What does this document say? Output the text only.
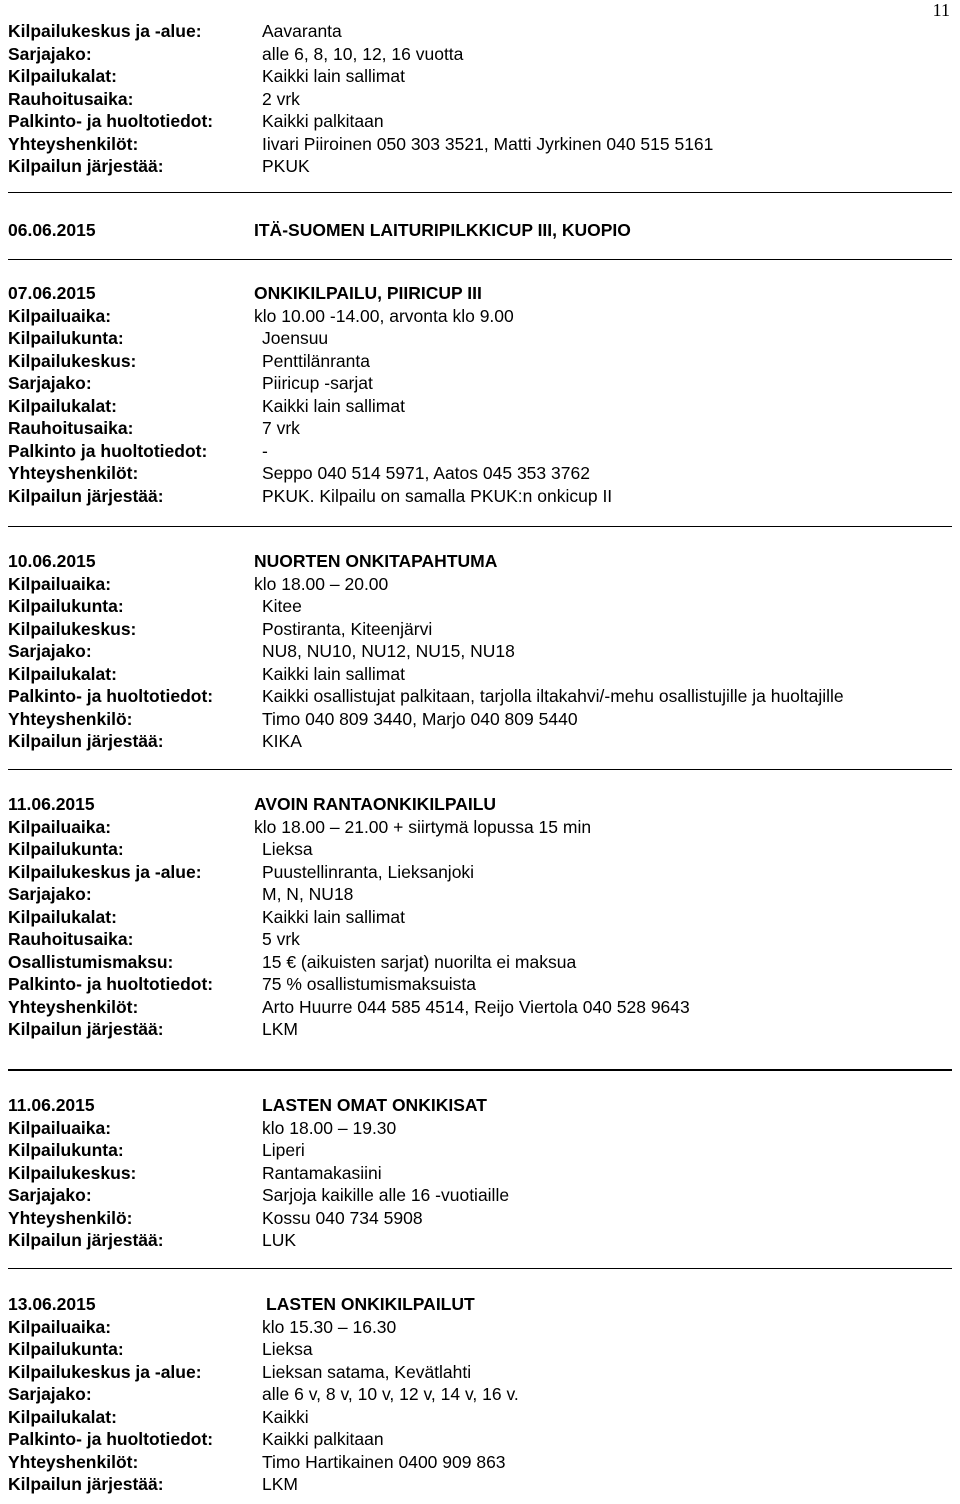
11
Kilpailukeskus ja -alue:	Aavaranta
Sarjajako:	alle 6, 8, 10, 12, 16 vuotta
Kilpailukalat:	Kaikki lain sallimat
Rauhoitusaika:	2 vrk
Palkinto- ja huoltotiedot:	Kaikki palkitaan
Yhteyshenkilöt:	Iivari Piiroinen 050 303 3521, Matti Jyrkinen 040 515 5161
Kilpailun järjestää:	PKUK
06.06.2015	ITÄ-SUOMEN LAITURIPILKKICUP III, KUOPIO
07.06.2015	ONKIKILPAILU, PIIRICUP III
Kilpailuaika:	klo 10.00 -14.00, arvonta klo 9.00
Kilpailukunta:	Joensuu
Kilpailukeskus:	Penttilänranta
Sarjajako:	Piiricup -sarjat
Kilpailukalat:	Kaikki lain sallimat
Rauhoitusaika:	7 vrk
Palkinto ja huoltotiedot:	-
Yhteyshenkilöt:	Seppo 040 514 5971, Aatos 045 353 3762
Kilpailun järjestää:	PKUK. Kilpailu on samalla PKUK:n onkicup II
10.06.2015	NUORTEN ONKITAPAHTUMA
Kilpailuaika:	klo 18.00 – 20.00
Kilpailukunta:	Kitee
Kilpailukeskus:	Postiranta, Kiteenjärvi
Sarjajako:	NU8, NU10, NU12, NU15, NU18
Kilpailukalat:	Kaikki lain sallimat
Palkinto- ja huoltotiedot:	Kaikki osallistujat palkitaan, tarjolla iltakahvi/-mehu osallistujille ja huoltajille
Yhteyshenkilö:	Timo 040 809 3440, Marjo 040 809 5440
Kilpailun järjestää:	KIKA
11.06.2015	AVOIN RANTAONKIKILPAILU
Kilpailuaika:	klo 18.00 – 21.00 + siirtymä lopussa 15 min
Kilpailukunta:	Lieksa
Kilpailukeskus ja -alue:	Puustellinranta, Lieksanjoki
Sarjajako:	M, N, NU18
Kilpailukalat:	Kaikki lain sallimat
Rauhoitusaika:	5 vrk
Osallistumismaksu:	15 € (aikuisten sarjat) nuorilta ei maksua
Palkinto- ja huoltotiedot:	75 % osallistumismaksuista
Yhteyshenkilöt:	Arto Huurre 044 585 4514, Reijo Viertola 040 528 9643
Kilpailun järjestää:	LKM
11.06.2015	LASTEN OMAT ONKIKISAT
Kilpailuaika:	klo 18.00 – 19.30
Kilpailukunta:	Liperi
Kilpailukeskus:	Rantamakasiini
Sarjajako:	Sarjoja kaikille alle 16 -vuotiaille
Yhteyshenkilö:	Kossu 040 734 5908
Kilpailun järjestää:	LUK
13.06.2015	LASTEN ONKIKILPAILUT
Kilpailuaika:	klo 15.30 – 16.30
Kilpailukunta:	Lieksa
Kilpailukeskus ja -alue:	Lieksan satama, Kevätlahti
Sarjajako:	alle 6 v, 8 v, 10 v, 12 v, 14 v, 16 v.
Kilpailukalat:	Kaikki
Palkinto- ja huoltotiedot:	Kaikki palkitaan
Yhteyshenkilöt:	Timo Hartikainen 0400 909 863
Kilpailun järjestää:	LKM
